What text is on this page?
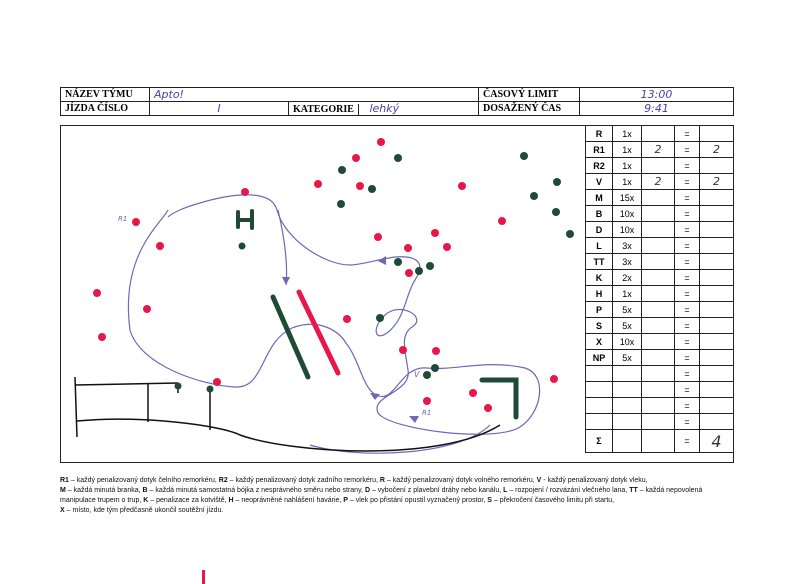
NÁZEV TÝMU	Apto!		ČASOVÝ LIMIT	13:00
JÍZDA ČÍSLO	I	KATEGORIE lehký	DOSAŽENÝ ČAS	9:41
R1
R1
V
R	1x		=	
R1	1x	2	=	2
R2	1x		=	
V	1x	2	=	2
M	15x		=	
B	10x		=	
D	10x		=	
L	3x		=	
TT	3x		=	
K	2x		=	
H	1x		=	
P	5x		=	
S	5x		=	
X	10x		=	
NP	5x		=	
			=	
			=	
			=	
			=	
Σ			=	4

R1 – každý penalizovaný dotyk čelního remorkéru, R2 – každý penalizovaný dotyk zadního remorkéru, R – každý penalizovaný dotyk volného remorkéru, V - každý penalizovaný dotyk vleku,
M – každá minutá branka, B – každá minutá samostatná bójka z nesprávného směru nebo strany, D – vybočení z plavební dráhy nebo kanálu, L – rozpojení / rozvázání vlečného lana, TT – každá nepovolená manipulace trupem o trup, K – penalizace za kotviště, H – neoprávněné nahlášení havárie, P – vlek po přistání opustil vyznačený prostor, S – překročení časového limitu při startu,
X – místo, kde tým předčasně ukončil soutěžní jízdu.
